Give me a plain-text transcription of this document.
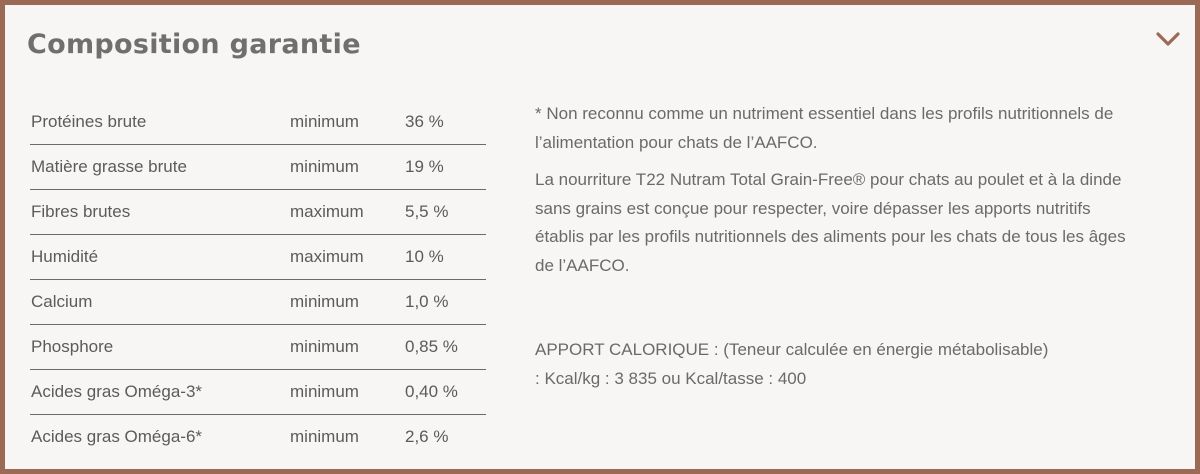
Composition garantie
Protéines brute	minimum	36 %
Matière grasse brute	minimum	19 %
Fibres brutes	maximum 5,5 %
Humidité	maximum 10 %
Calcium	minimum	1,0 %
Phosphore	minimum	0,85 %
Acides gras Oméga-3*	minimum	0,40 %
Acides gras Oméga-6*	minimum	2,6 %

* Non reconnu comme un nutriment essentiel dans les profils nutritionnels de l’alimentation pour chats de l’AAFCO.

La nourriture T22 Nutram Total Grain-Free® pour chats au poulet et à la dinde sans grains est conçue pour respecter, voire dépasser les apports nutritifs établis par les profils nutritionnels des aliments pour les chats de tous les âges de l’AAFCO.

APPORT CALORIQUE : (Teneur calculée en énergie métabolisable)

: Kcal/kg : 3 835 ou Kcal/tasse : 400
